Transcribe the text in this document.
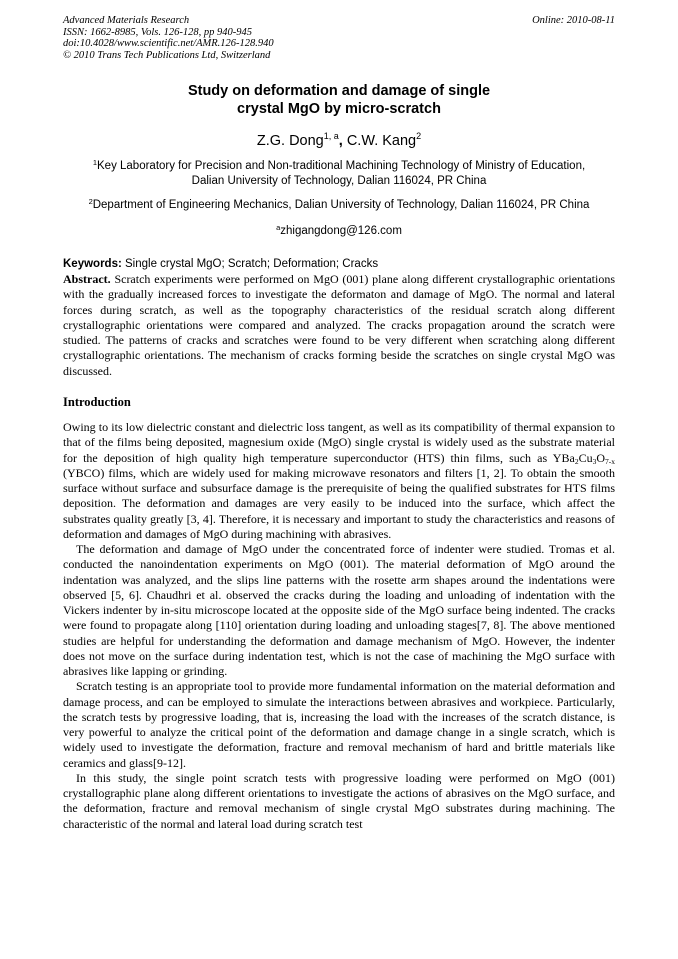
Advanced Materials Research
ISSN: 1662-8985, Vols. 126-128, pp 940-945
doi:10.4028/www.scientific.net/AMR.126-128.940
© 2010 Trans Tech Publications Ltd, Switzerland
Online: 2010-08-11
Study on deformation and damage of single
crystal MgO by micro-scratch
Z.G. Dong$^{1, a}$, C.W. Kang$^2$
$^1$Key Laboratory for Precision and Non-traditional Machining Technology of Ministry of Education,
Dalian University of Technology, Dalian 116024, PR China
$^2$Department of Engineering Mechanics, Dalian University of Technology, Dalian 116024, PR China
$^a$zhigangdong@126.com
Keywords: Single crystal MgO; Scratch; Deformation; Cracks
Abstract. Scratch experiments were performed on MgO (001) plane along different crystallographic orientations with the gradually increased forces to investigate the deformaton and damage of MgO. The normal and lateral forces during scratch, as well as the topography characteristics of the residual scratch along different crystallographic orientations were compared and analyzed. The cracks propagation around the scratch were studied. The patterns of cracks and scratches were found to be very different when scratching along different crystallographic orientations. The mechanism of cracks forming beside the scratches on single crystal MgO was discussed.
Introduction

Owing to its low dielectric constant and dielectric loss tangent, as well as its compatibility of thermal expansion to that of the films being deposited, magnesium oxide (MgO) single crystal is widely used as the substrate material for the deposition of high quality high temperature superconductor (HTS) thin films, such as $YBa_2Cu_3O_{7-x}$ (YBCO) films, which are widely used for making microwave resonators and filters [1, 2]. To obtain the smooth surface without surface and subsurface damage is the prerequisite of being the qualified substrates for HTS films deposition. The deformation and damages are very easily to be induced into the surface, which affect the substrates quality greatly [3, 4]. Therefore, it is necessary and important to study the characteristics and reasons of deformation and damages of MgO during machining with abrasives.

The deformation and damage of MgO under the concentrated force of indenter were studied. Tromas et al. conducted the nanoindentation experiments on MgO (001). The material deformation of MgO around the indentation was analyzed, and the slips line patterns with the rosette arm shapes around the indentations were observed [5, 6]. Chaudhri et al. observed the cracks during the loading and unloading of indentation with the Vickers indenter by in-situ microscope located at the opposite side of the MgO surface being indented. The cracks were found to propagate along [110] orientation during loading and unloading stages[7, 8]. The above mentioned studies are helpful for understanding the deformation and damage mechanism of MgO. However, the indenter does not move on the surface during indentation test, which is not the case of machining the MgO surface with abrasives like lapping or grinding.

Scratch testing is an appropriate tool to provide more fundamental information on the material deformation and damage process, and can be employed to simulate the interactions between abrasives and workpiece. Particularly, the scratch tests by progressive loading, that is, increasing the load with the increases of the scratch distance, is very powerful to analyze the critical point of the deformation and damage change in a single scratch, which is widely used to investigate the deformation, fracture and removal mechanism of hard and brittle materials like ceramics and glass[9-12].

In this study, the single point scratch tests with progressive loading were performed on MgO (001) crystallographic plane along different orientations to investigate the actions of abrasives on the MgO surface, and the deformation, fracture and removal mechanism of single crystal MgO substrates during machining. The characteristic of the normal and lateral load during scratch test
